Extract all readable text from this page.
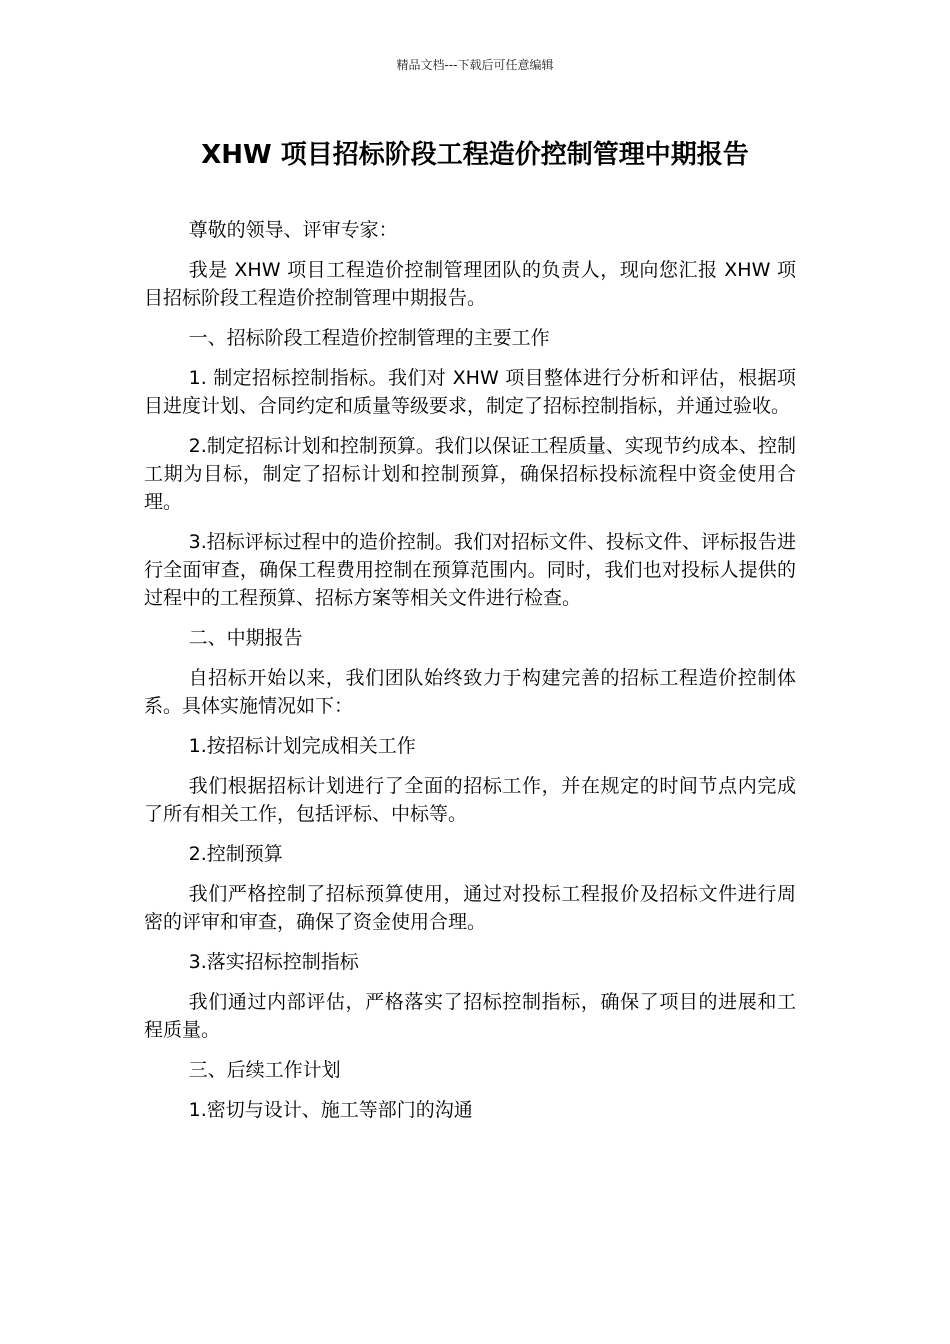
精品文档---下载后可任意编辑
XHW 项目招标阶段工程造价控制管理中期报告

尊敬的领导、评审专家：

我是 XHW 项目工程造价控制管理团队的负责人，现向您汇报 XHW 项目招标阶段工程造价控制管理中期报告。

一、招标阶段工程造价控制管理的主要工作

1. 制定招标控制指标。我们对 XHW 项目整体进行分析和评估，根据项目进度计划、合同约定和质量等级要求，制定了招标控制指标，并通过验收。

2.制定招标计划和控制预算。我们以保证工程质量、实现节约成本、控制工期为目标，制定了招标计划和控制预算，确保招标投标流程中资金使用合理。

3.招标评标过程中的造价控制。我们对招标文件、投标文件、评标报告进行全面审查，确保工程费用控制在预算范围内。同时，我们也对投标人提供的过程中的工程预算、招标方案等相关文件进行检查。

二、中期报告

自招标开始以来，我们团队始终致力于构建完善的招标工程造价控制体系。具体实施情况如下：

1.按招标计划完成相关工作

我们根据招标计划进行了全面的招标工作，并在规定的时间节点内完成了所有相关工作，包括评标、中标等。

2.控制预算

我们严格控制了招标预算使用，通过对投标工程报价及招标文件进行周密的评审和审查，确保了资金使用合理。

3.落实招标控制指标

我们通过内部评估，严格落实了招标控制指标，确保了项目的进展和工程质量。

三、后续工作计划

1.密切与设计、施工等部门的沟通
